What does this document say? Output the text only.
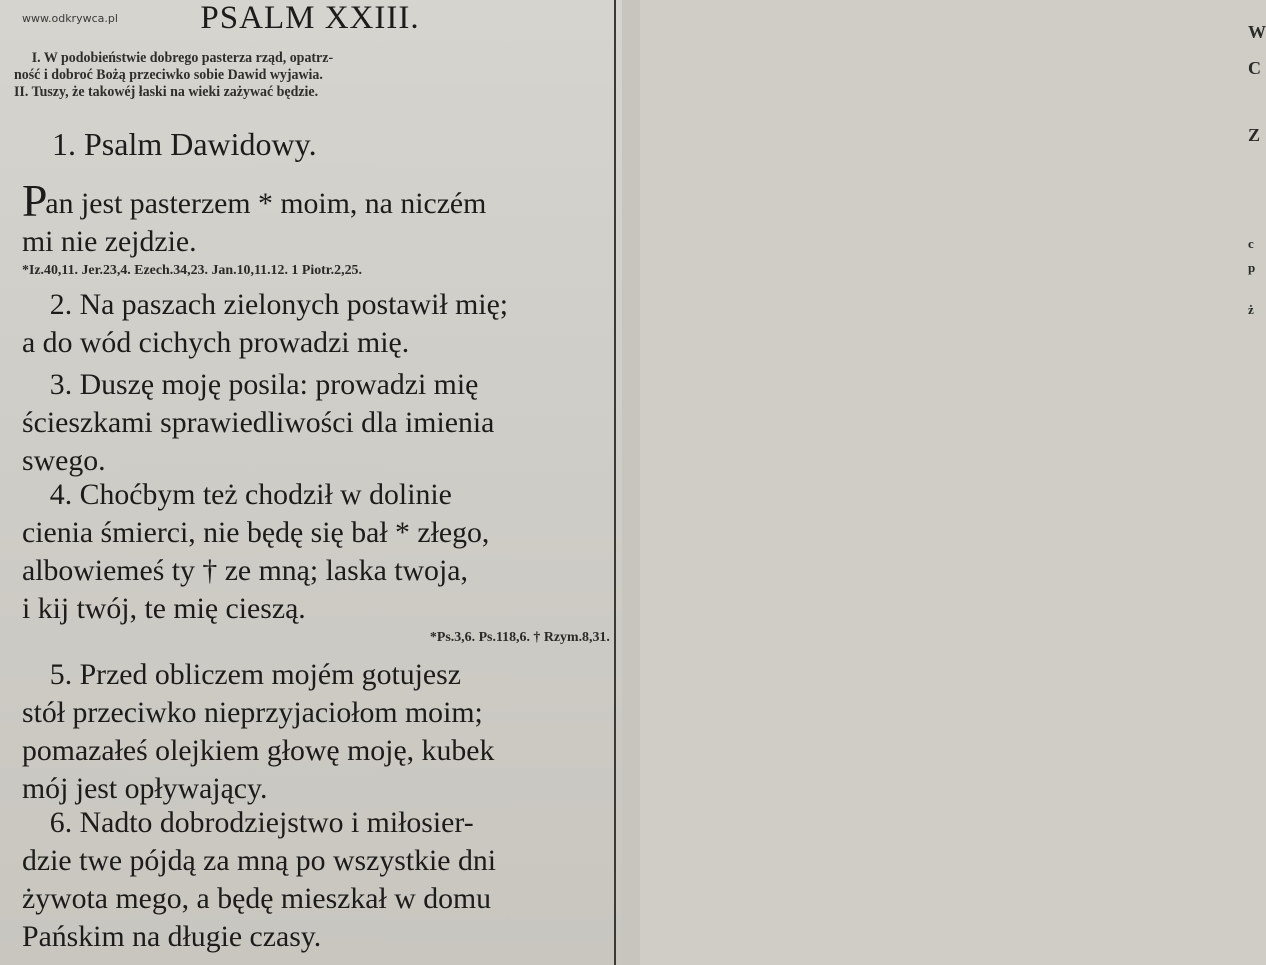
W
C
Z
c
p
ż
www.odkrywca.pl	PSALM XXIII.
I. W podobieństwie dobrego pasterza rząd, opatrz-
ność i dobroć Bożą przeciwko sobie Dawid wyjawia.
II. Tuszy, że takowéj łaski na wieki zażywać będzie.
1. Psalm Dawidowy.
Pan jest pasterzem * moim, na niczém
mi nie zejdzie.
*Iz.40,11. Jer.23,4. Ezech.34,23. Jan.10,11.12. 1 Piotr.2,25.
2. Na paszach zielonych postawił mię;
a do wód cichych prowadzi mię.
3. Duszę moję posila: prowadzi mię
ścieszkami sprawiedliwości dla imienia
swego.
4. Choćbym też chodził w dolinie
cienia śmierci, nie będę się bał * złego,
albowiemeś ty † ze mną; laska twoja,
i kij twój, te mię cieszą.
*Ps.3,6. Ps.118,6. † Rzym.8,31.
5. Przed obliczem mojém gotujesz
stół przeciwko nieprzyjaciołom moim;
pomazałeś olejkiem głowę moję, kubek
mój jest opływający.
6. Nadto dobrodziejstwo i miłosier-
dzie twe pójdą za mną po wszystkie dni
żywota mego, a będę mieszkał w domu
Pańskim na długie czasy.
